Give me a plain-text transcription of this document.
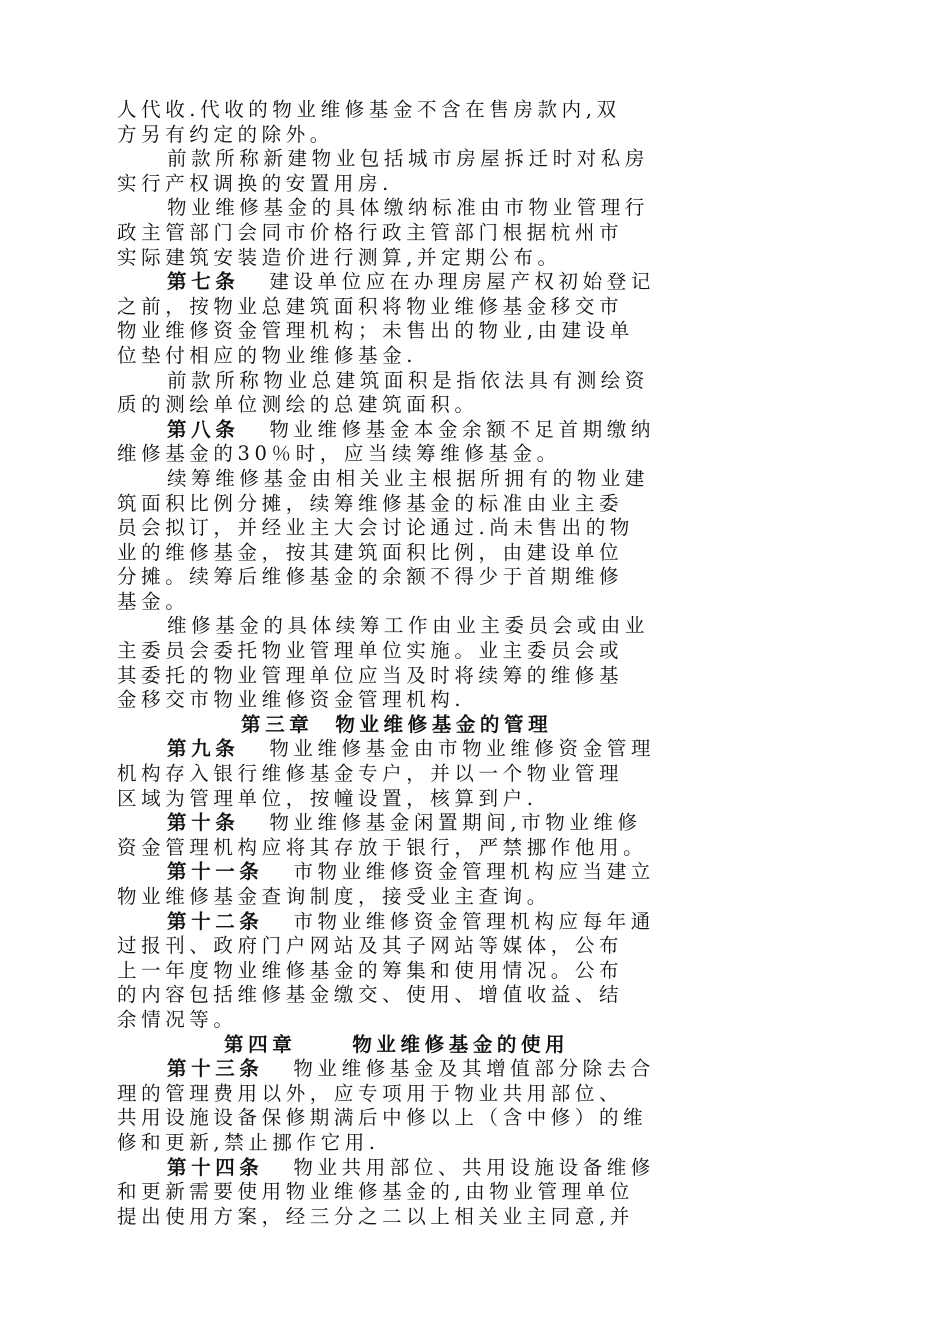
人代收.代收的物业维修基金不含在售房款内,双
方另有约定的除外。
前款所称新建物业包括城市房屋拆迁时对私房
实行产权调换的安置用房.
物业维修基金的具体缴纳标准由市物业管理行
政主管部门会同市价格行政主管部门根据杭州市
实际建筑安装造价进行测算,并定期公布。
第七条 建设单位应在办理房屋产权初始登记
之前，按物业总建筑面积将物业维修基金移交市
物业维修资金管理机构；未售出的物业,由建设单
位垫付相应的物业维修基金.
前款所称物业总建筑面积是指依法具有测绘资
质的测绘单位测绘的总建筑面积。
第八条 物业维修基金本金余额不足首期缴纳
维修基金的30％时，应当续筹维修基金。
续筹维修基金由相关业主根据所拥有的物业建
筑面积比例分摊，续筹维修基金的标准由业主委
员会拟订，并经业主大会讨论通过.尚未售出的物
业的维修基金，按其建筑面积比例，由建设单位
分摊。续筹后维修基金的余额不得少于首期维修
基金。
维修基金的具体续筹工作由业主委员会或由业
主委员会委托物业管理单位实施。业主委员会或
其委托的物业管理单位应当及时将续筹的维修基
金移交市物业维修资金管理机构.
第三章 物业维修基金的管理
第九条 物业维修基金由市物业维修资金管理
机构存入银行维修基金专户，并以一个物业管理
区域为管理单位，按幢设置，核算到户.
第十条 物业维修基金闲置期间,市物业维修
资金管理机构应将其存放于银行，严禁挪作他用。
第十一条 市物业维修资金管理机构应当建立
物业维修基金查询制度，接受业主查询。
第十二条 市物业维修资金管理机构应每年通
过报刊、政府门户网站及其子网站等媒体，公布
上一年度物业维修基金的筹集和使用情况。公布
的内容包括维修基金缴交、使用、增值收益、结
余情况等。
第四章	物业维修基金的使用
第十三条 物业维修基金及其增值部分除去合
理的管理费用以外，应专项用于物业共用部位、
共用设施设备保修期满后中修以上（含中修）的维
修和更新,禁止挪作它用.
第十四条 物业共用部位、共用设施设备维修
和更新需要使用物业维修基金的,由物业管理单位
提出使用方案，经三分之二以上相关业主同意,并
